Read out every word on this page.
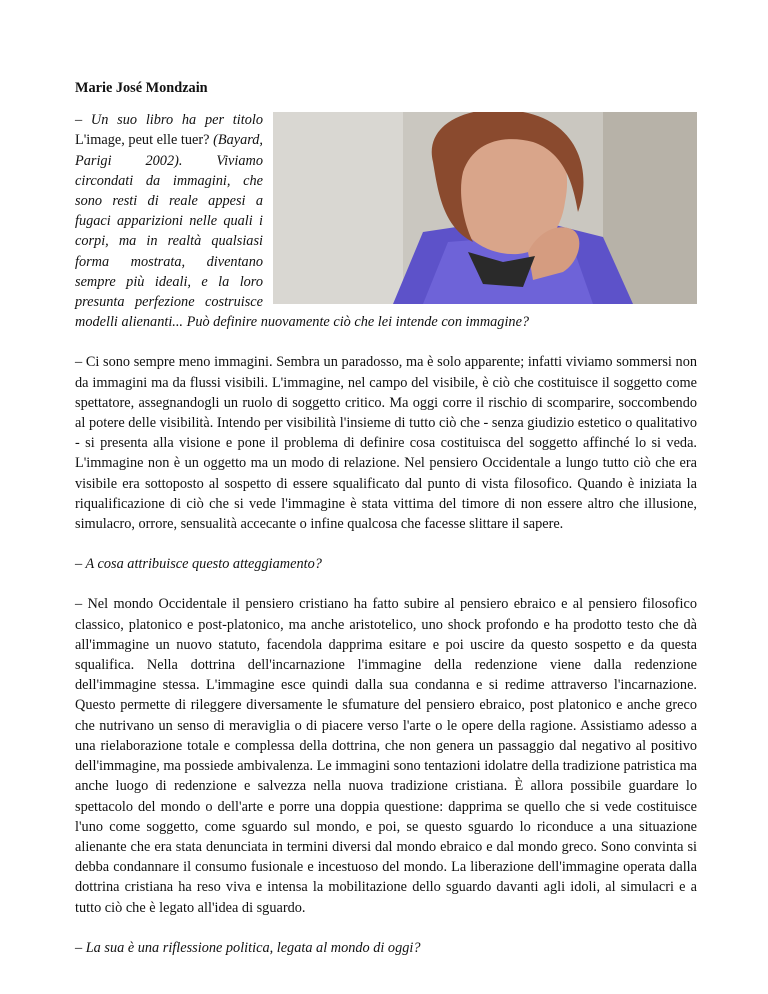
Marie José Mondzain

– Un suo libro ha per titolo L'image, peut elle tuer? (Bayard, Parigi 2002). Viviamo circondati da immagini, che sono resti di reale appesi a fugaci apparizioni nelle quali i corpi, ma in realtà qualsiasi forma mostrata, diventano sempre più ideali, e la loro presunta perfezione costruisce modelli alienanti... Può definire nuovamente ciò che lei intende con immagine?

– Ci sono sempre meno immagini. Sembra un paradosso, ma è solo apparente; infatti viviamo sommersi non da immagini ma da flussi visibili. L'immagine, nel campo del visibile, è ciò che costituisce il soggetto come spettatore, assegnandogli un ruolo di soggetto critico. Ma oggi corre il rischio di scomparire, soccombendo al potere delle visibilità. Intendo per visibilità l'insieme di tutto ciò che - senza giudizio estetico o qualitativo - si presenta alla visione e pone il problema di definire cosa costituisca del soggetto affinché lo si veda. L'immagine non è un oggetto ma un modo di relazione. Nel pensiero Occidentale a lungo tutto ciò che era visibile era sottoposto al sospetto di essere squalificato dal punto di vista filosofico. Quando è iniziata la riqualificazione di ciò che si vede l'immagine è stata vittima del timore di non essere altro che illusione, simulacro, orrore, sensualità accecante o infine qualcosa che facesse slittare il sapere.

– A cosa attribuisce questo atteggiamento?

– Nel mondo Occidentale il pensiero cristiano ha fatto subire al pensiero ebraico e al pensiero filosofico classico, platonico e post-platonico, ma anche aristotelico, uno shock profondo e ha prodotto testo che dà all'immagine un nuovo statuto, facendola dapprima esitare e poi uscire da questo sospetto e da questa squalifica. Nella dottrina dell'incarnazione l'immagine della redenzione viene dalla redenzione dell'immagine stessa. L'immagine esce quindi dalla sua condanna e si redime attraverso l'incarnazione. Questo permette di rileggere diversamente le sfumature del pensiero ebraico, post platonico e anche greco che nutrivano un senso di meraviglia o di piacere verso l'arte o le opere della ragione. Assistiamo adesso a una rielaborazione totale e complessa della dottrina, che non genera un passaggio dal negativo al positivo dell'immagine, ma possiede ambivalenza. Le immagini sono tentazioni idolatre della tradizione patristica ma anche luogo di redenzione e salvezza nella nuova tradizione cristiana. È allora possibile guardare lo spettacolo del mondo o dell'arte e porre una doppia questione: dapprima se quello che si vede costituisce l'uno come soggetto, come sguardo sul mondo, e poi, se questo sguardo lo riconduce a una situazione alienante che era stata denunciata in termini diversi dal mondo ebraico e dal mondo greco. Sono convinta si debba condannare il consumo fusionale e incestuoso del mondo. La liberazione dell'immagine operata dalla dottrina cristiana ha reso viva e intensa la mobilitazione dello sguardo davanti agli idoli, al simulacri e a tutto ciò che è legato all'idea di sguardo.

– La sua è una riflessione politica, legata al mondo di oggi?
